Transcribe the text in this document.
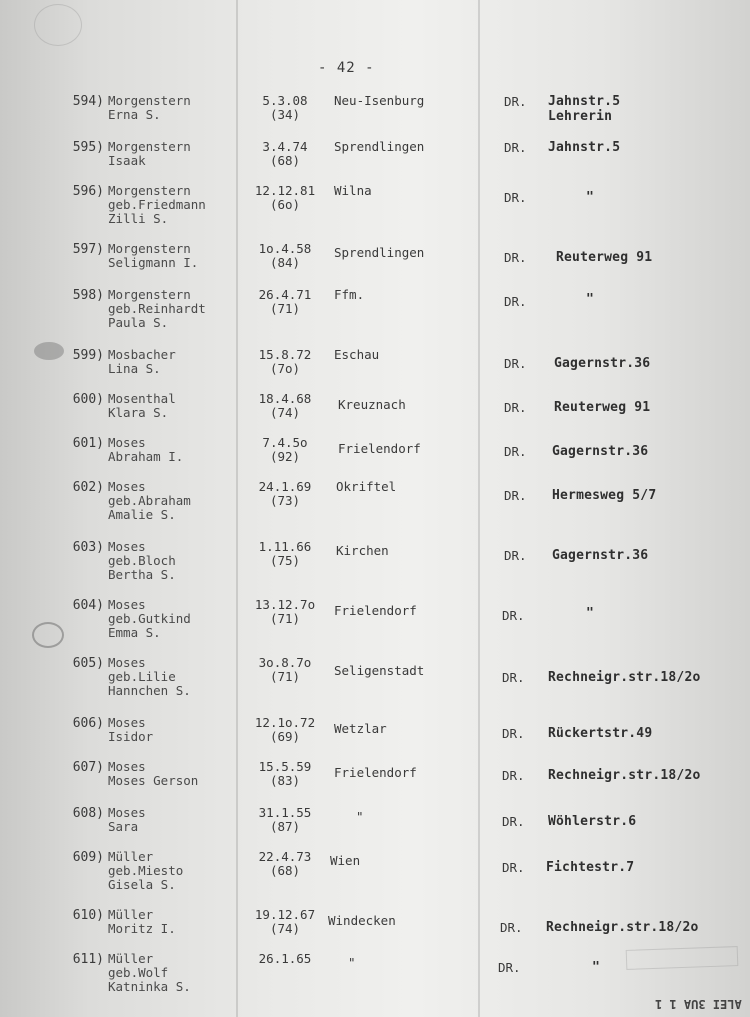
- 42 -
594) Morgenstern
Erna S.
5.3.08
(34)
Neu-Isenburg	DR. Jahnstr.5
Lehrerin
595) Morgenstern
Isaak
3.4.74
(68)
Sprendlingen	DR. Jahnstr.5
596) Morgenstern
geb.Friedmann
Zilli S.
12.12.81
(6o)
Wilna	DR.	"
597) Morgenstern
Seligmann I.
1o.4.58
(84)
Sprendlingen	DR. Reuterweg 91
598) Morgenstern
geb.Reinhardt
Paula S.
26.4.71
(71)
Ffm.	DR.	"
599) Mosbacher
Lina S.
15.8.72
(7o)
Eschau
DR. Gagernstr.36
600) Mosenthal
Klara S.
18.4.68
(74)
Kreuznach	DR. Reuterweg 91
601) Moses
Abraham I.
7.4.5o
(92)
Frielendorf	DR. Gagernstr.36
602) Moses
geb.Abraham
Amalie S.
24.1.69
(73)
Okriftel
DR. Hermesweg 5/7
603) Moses
geb.Bloch
Bertha S.
1.11.66
(75)
Kirchen	DR. Gagernstr.36
604) Moses
geb.Gutkind
Emma S.
13.12.7o
(71)
Frielendorf	DR.	"
605) Moses
geb.Lilie
Hannchen S.
3o.8.7o
(71)	Seligenstadt	DR. Rechneigr.str.18/2o
606) Moses
Isidor
12.1o.72
(69)
Wetzlar	DR. Rückertstr.49
607) Moses
Moses Gerson
15.5.59
(83)
Frielendorf	DR. Rechneigr.str.18/2o
608) Moses
Sara
31.1.55
(87)
"	DR. Wöhlerstr.6
609) Müller
geb.Miesto
Gisela S.
22.4.73
(68)
Wien	DR. Fichtestr.7
610) Müller
Moritz I.
19.12.67
(74)
Windecken	DR. Rechneigr.str.18/2o
611) Müller
geb.Wolf
Katninka S.
26.1.65	"	DR.	"
ALEI 3UA 1 1
